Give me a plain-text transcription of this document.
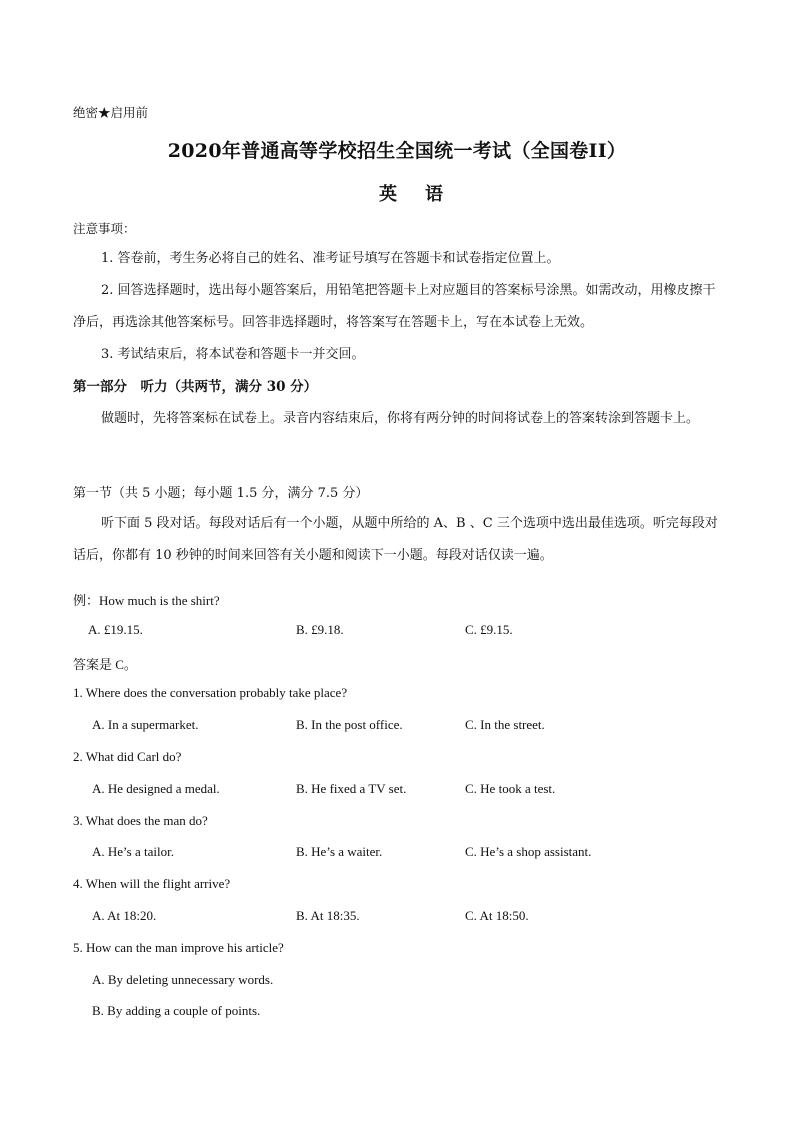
绝密★启用前
2020年普通高等学校招生全国统一考试（全国卷II）
英语
注意事项：
1. 答卷前，考生务必将自己的姓名、准考证号填写在答题卡和试卷指定位置上。
2. 回答选择题时，选出每小题答案后，用铅笔把答题卡上对应题目的答案标号涂黑。如需改动，用橡皮擦干净后，再选涂其他答案标号。回答非选择题时，将答案写在答题卡上，写在本试卷上无效。
3. 考试结束后，将本试卷和答题卡一并交回。
第一部分　听力（共两节，满分 30 分）
做题时，先将答案标在试卷上。录音内容结束后，你将有两分钟的时间将试卷上的答案转涂到答题卡上。
第一节（共 5 小题；每小题 1.5 分，满分 7.5 分）
听下面 5 段对话。每段对话后有一个小题，从题中所给的 A、B 、C 三个选项中选出最佳选项。听完每段对话后，你都有 10 秒钟的时间来回答有关小题和阅读下一小题。每段对话仅读一遍。
例：How much is the shirt?
A. £19.15.	B. £9.18.	C. £9.15.
答案是 C。
1. Where does the conversation probably take place?
A. In a supermarket.	B. In the post office.	C. In the street.
2. What did Carl do?
A. He designed a medal.	B. He fixed a TV set.	C. He took a test.
3. What does the man do?
A. He’s a tailor.	B. He’s a waiter.	C. He’s a shop assistant.
4. When will the flight arrive?
A. At 18:20.	B. At 18:35.	C. At 18:50.
5. How can the man improve his article?
A. By deleting unnecessary words.
B. By adding a couple of points.
